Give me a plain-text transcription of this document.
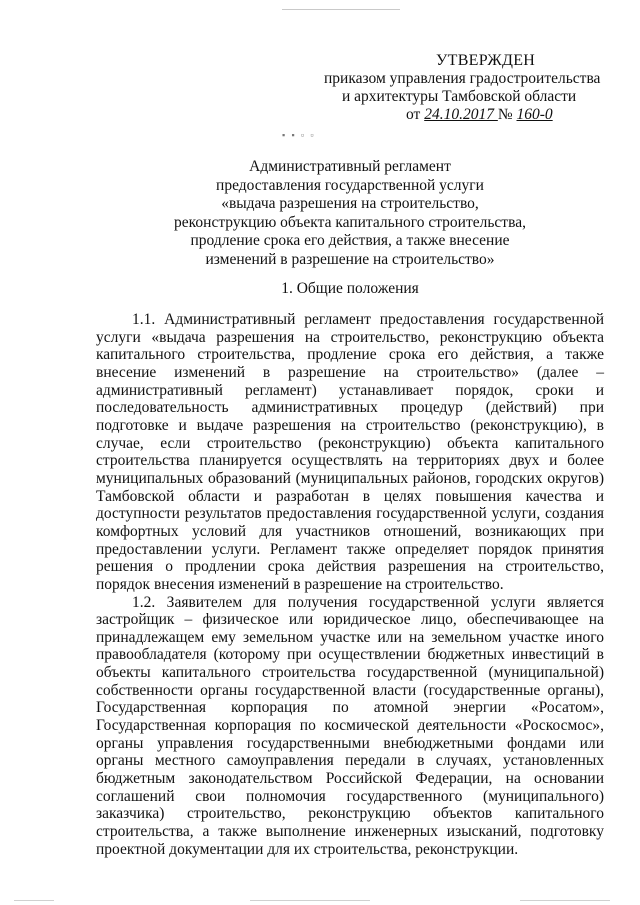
УТВЕРЖДЕН
приказом управления градостроительства
и архитектуры Тамбовской области
от 24.10.2017 № 160-0
▪ ▪ ▫ ▫
Административный регламент
предоставления государственной услуги
«выдача разрешения на строительство,
реконструкцию объекта капитального строительства,
продление срока его действия, а также внесение
изменений в разрешение на строительство»
1. Общие положения

1.1. Административный регламент предоставления государственной услуги «выдача разрешения на строительство, реконструкцию объекта капитального строительства, продление срока его действия, а также внесение изменений в разрешение на строительство» (далее – административный регламент) устанавливает порядок, сроки и последовательность административных процедур (действий) при подготовке и выдаче разрешения на строительство (реконструкцию), в случае, если строительство (реконструкцию) объекта капитального строительства планируется осуществлять на территориях двух и более муниципальных образований (муниципальных районов, городских округов) Тамбовской области и разработан в целях повышения качества и доступности результатов предоставления государственной услуги, создания комфортных условий для участников отношений, возникающих при предоставлении услуги. Регламент также определяет порядок принятия решения о продлении срока действия разрешения на строительство, порядок внесения изменений в разрешение на строительство.

1.2. Заявителем для получения государственной услуги является застройщик – физическое или юридическое лицо, обеспечивающее на принадлежащем ему земельном участке или на земельном участке иного правообладателя (которому при осуществлении бюджетных инвестиций в объекты капитального строительства государственной (муниципальной) собственности органы государственной власти (государственные органы), Государственная корпорация по атомной энергии «Росатом», Государственная корпорация по космической деятельности «Роскосмос», органы управления государственными внебюджетными фондами или органы местного самоуправления передали в случаях, установленных бюджетным законодательством Российской Федерации, на основании соглашений свои полномочия государственного (муниципального) заказчика) строительство, реконструкцию объектов капитального строительства, а также выполнение инженерных изысканий, подготовку проектной документации для их строительства, реконструкции.
